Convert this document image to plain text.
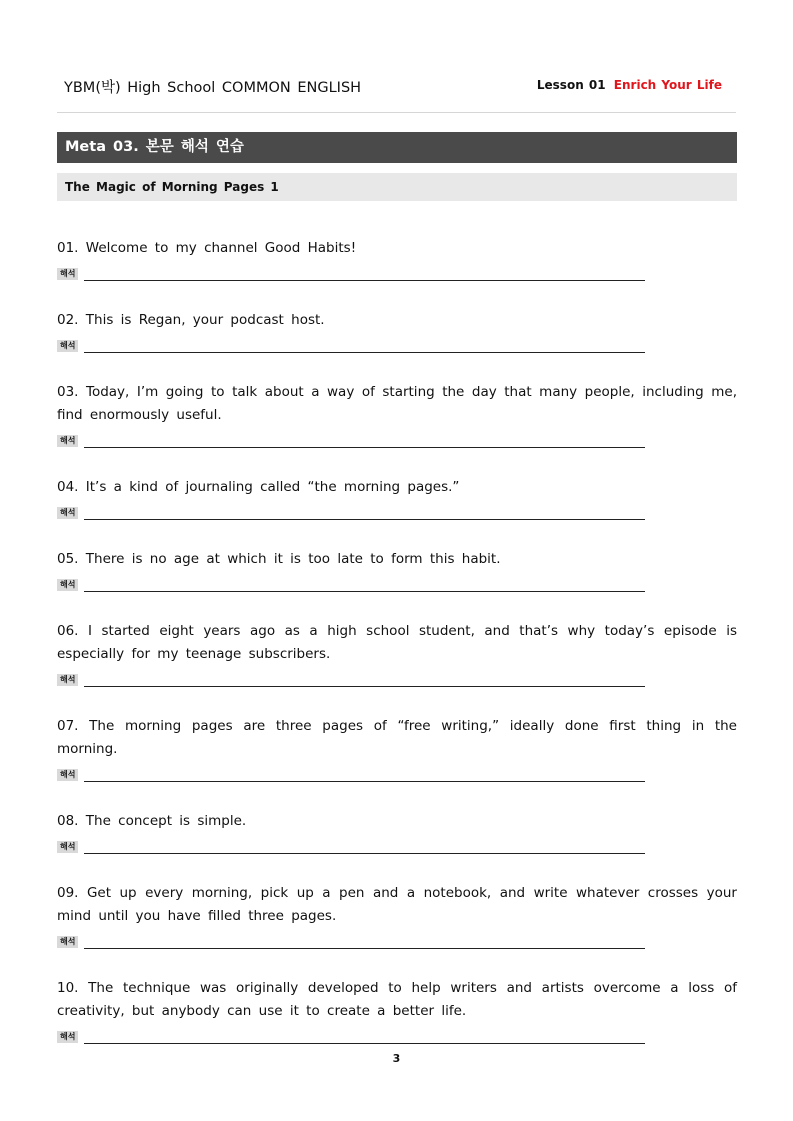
YBM(박) High School COMMON ENGLISH	Lesson 01 Enrich Your Life
Meta 03. 본문 해석 연습
The Magic of Morning Pages 1

01. Welcome to my channel Good Habits!

해석

02. This is Regan, your podcast host.

해석

03. Today, I’m going to talk about a way of starting the day that many people, including me, find enormously useful.

해석

04. It’s a kind of journaling called “the morning pages.”

해석

05. There is no age at which it is too late to form this habit.

해석

06. I started eight years ago as a high school student, and that’s why today’s episode is especially for my teenage subscribers.

해석

07. The morning pages are three pages of “free writing,” ideally done first thing in the morning.

해석

08. The concept is simple.

해석

09. Get up every morning, pick up a pen and a notebook, and write whatever crosses your mind until you have filled three pages.

해석

10. The technique was originally developed to help writers and artists overcome a loss of creativity, but anybody can use it to create a better life.

해석
3
